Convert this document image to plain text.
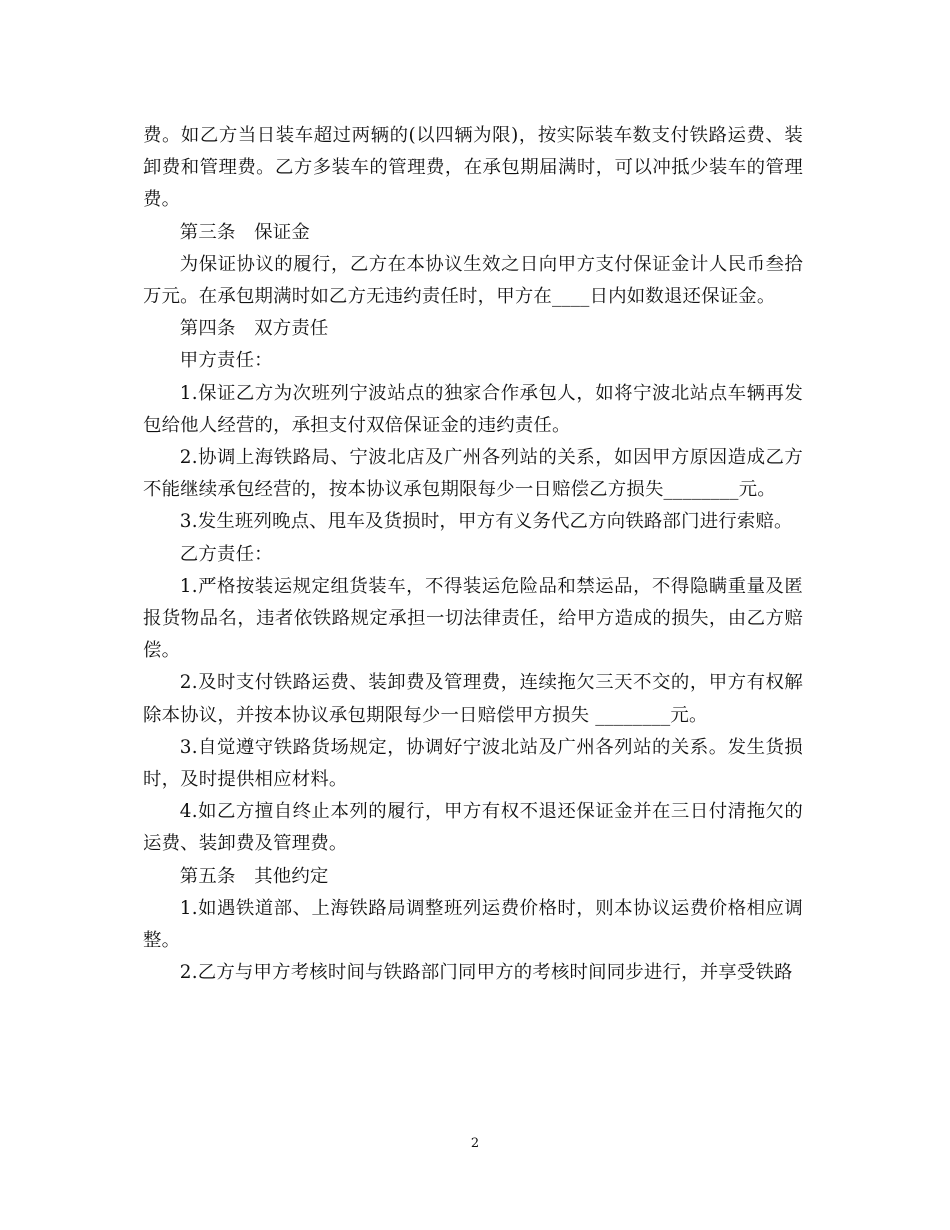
费。如乙方当日装车超过两辆的(以四辆为限)，按实际装车数支付铁路运费、装卸费和管理费。乙方多装车的管理费，在承包期届满时，可以冲抵少装车的管理费。

第三条　保证金

为保证协议的履行，乙方在本协议生效之日向甲方支付保证金计人民币叁拾万元。在承包期满时如乙方无违约责任时，甲方在____日内如数退还保证金。

第四条　双方责任

甲方责任：

1.保证乙方为次班列宁波站点的独家合作承包人，如将宁波北站点车辆再发包给他人经营的，承担支付双倍保证金的违约责任。

2.协调上海铁路局、宁波北店及广州各列站的关系，如因甲方原因造成乙方不能继续承包经营的，按本协议承包期限每少一日赔偿乙方损失________元。

3.发生班列晚点、甩车及货损时，甲方有义务代乙方向铁路部门进行索赔。

乙方责任：

1.严格按装运规定组货装车，不得装运危险品和禁运品，不得隐瞒重量及匿报货物品名，违者依铁路规定承担一切法律责任，给甲方造成的损失，由乙方赔偿。

2.及时支付铁路运费、装卸费及管理费，连续拖欠三天不交的，甲方有权解除本协议，并按本协议承包期限每少一日赔偿甲方损失 ________元。

3.自觉遵守铁路货场规定，协调好宁波北站及广州各列站的关系。发生货损时，及时提供相应材料。

4.如乙方擅自终止本列的履行，甲方有权不退还保证金并在三日付清拖欠的运费、装卸费及管理费。

第五条　其他约定

1.如遇铁道部、上海铁路局调整班列运费价格时，则本协议运费价格相应调整。

2.乙方与甲方考核时间与铁路部门同甲方的考核时间同步进行，并享受铁路

2
